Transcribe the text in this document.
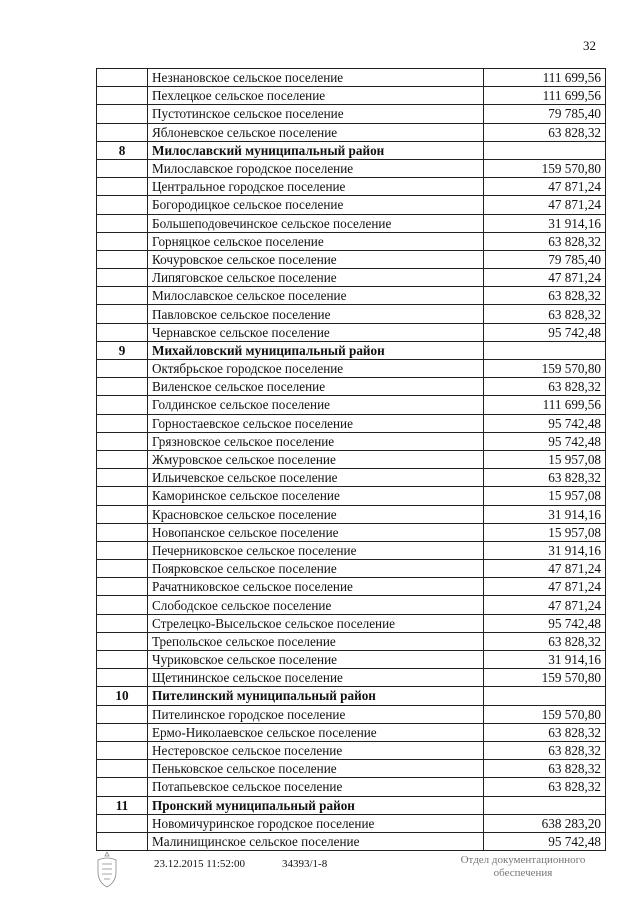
32
	Незнановское сельское поселение	111 699,56
	Пехлецкое сельское поселение	111 699,56
	Пустотинское сельское поселение	79 785,40
	Яблоневское сельское поселение	63 828,32
8	Милославский муниципальный район	
	Милославское городское поселение	159 570,80
	Центральное городское поселение	47 871,24
	Богородицкое сельское поселение	47 871,24
	Большеподовечинское сельское поселение	31 914,16
	Горняцкое сельское поселение	63 828,32
	Кочуровское сельское поселение	79 785,40
	Липяговское сельское поселение	47 871,24
	Милославское сельское поселение	63 828,32
	Павловское сельское поселение	63 828,32
	Чернавское сельское поселение	95 742,48
9	Михайловский муниципальный район	
	Октябрьское городское поселение	159 570,80
	Виленское сельское поселение	63 828,32
	Голдинское сельское поселение	111 699,56
	Горностаевское сельское поселение	95 742,48
	Грязновское сельское поселение	95 742,48
	Жмуровское сельское поселение	15 957,08
	Ильичевское сельское поселение	63 828,32
	Каморинское сельское поселение	15 957,08
	Красновское сельское поселение	31 914,16
	Новопанское сельское поселение	15 957,08
	Печерниковское сельское поселение	31 914,16
	Поярковское сельское поселение	47 871,24
	Рачатниковское сельское поселение	47 871,24
	Слободское сельское поселение	47 871,24
	Стрелецко-Высельское сельское поселение	95 742,48
	Трепольское сельское поселение	63 828,32
	Чуриковское сельское поселение	31 914,16
	Щетининское сельское поселение	159 570,80
10	Пителинский муниципальный район	
	Пителинское городское поселение	159 570,80
	Ермо-Николаевское сельское поселение	63 828,32
	Нестеровское сельское поселение	63 828,32
	Пеньковское сельское поселение	63 828,32
	Потапьевское сельское поселение	63 828,32
11	Пронский муниципальный район	
	Новомичуринское городское поселение	638 283,20
	Малинищинское сельское поселение	95 742,48
23.12.2015 11:52:00	34393/1-8	Отдел документационного
обеспечения
